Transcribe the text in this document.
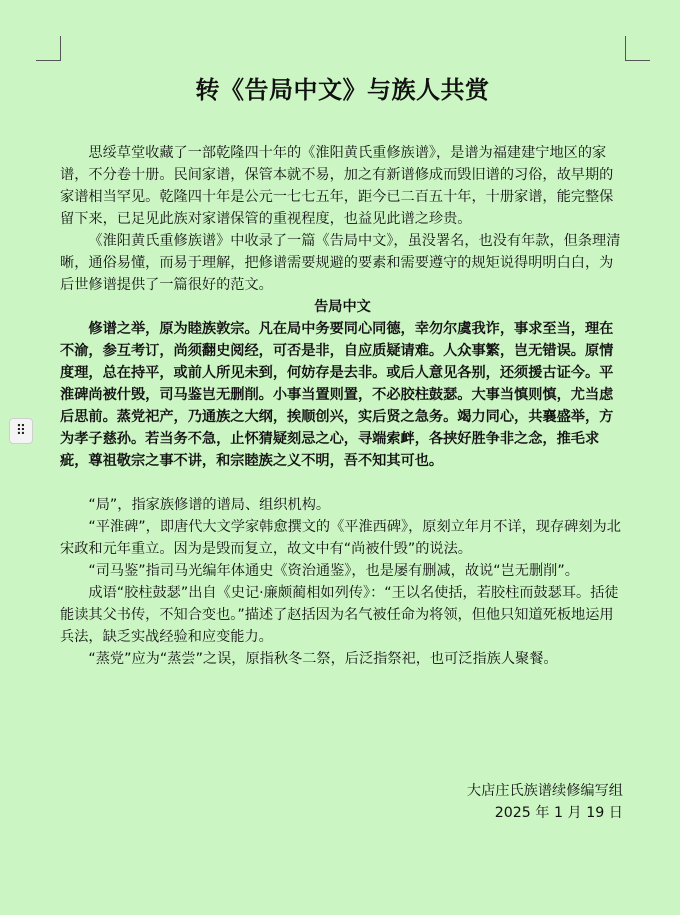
⠿
转《告局中文》与族人共赏

思绥草堂收藏了一部乾隆四十年的《淮阳黄氏重修族谱》，是谱为福建建宁地区的家谱，不分卷十册。民间家谱，保管本就不易，加之有新谱修成而毁旧谱的习俗，故早期的家谱相当罕见。乾隆四十年是公元一七七五年，距今已二百五十年，十册家谱，能完整保留下来，已足见此族对家谱保管的重视程度，也益见此谱之珍贵。

《淮阳黄氏重修族谱》中收录了一篇《告局中文》，虽没署名，也没有年款，但条理清晰，通俗易懂，而易于理解，把修谱需要规避的要素和需要遵守的规矩说得明明白白，为后世修谱提供了一篇很好的范文。

告局中文

修谱之举，原为睦族敦宗。凡在局中务要同心同德，幸勿尔虞我诈，事求至当，理在不渝，参互考订，尚须翻史阅经，可否是非，自应质疑请难。人众事繁，岂无错误。原情度理，总在持平，或前人所见未到，何妨存是去非。或后人意见各别，还须援古证今。平淮碑尚被什毁，司马鉴岂无删削。小事当置则置，不必胶柱鼓瑟。大事当慎则慎，尤当虑后思前。蒸党祀产，乃通族之大纲，挨顺创兴，实后贤之急务。竭力同心，共襄盛举，方为孝子慈孙。若当务不急，止怀猜疑刻忌之心，寻端索衅，各挟好胜争非之念，推毛求疵，尊祖敬宗之事不讲，和宗睦族之义不明，吾不知其可也。

“局”，指家族修谱的谱局、组织机构。

“平淮碑”，即唐代大文学家韩愈撰文的《平淮西碑》，原刻立年月不详，现存碑刻为北宋政和元年重立。因为是毁而复立，故文中有“尚被什毁”的说法。

“司马鉴”指司马光编年体通史《资治通鉴》，也是屡有删减，故说“岂无删削”。

成语“胶柱鼓瑟”出自《史记·廉颇蔺相如列传》：“王以名使括，若胶柱而鼓瑟耳。括徒能读其父书传，不知合变也。”描述了赵括因为名气被任命为将领，但他只知道死板地运用兵法，缺乏实战经验和应变能力。

“蒸党”应为“蒸尝”之误，原指秋冬二祭，后泛指祭祀，也可泛指族人聚餐。

大店庄氏族谱续修编写组
2025 年 1 月 19 日
